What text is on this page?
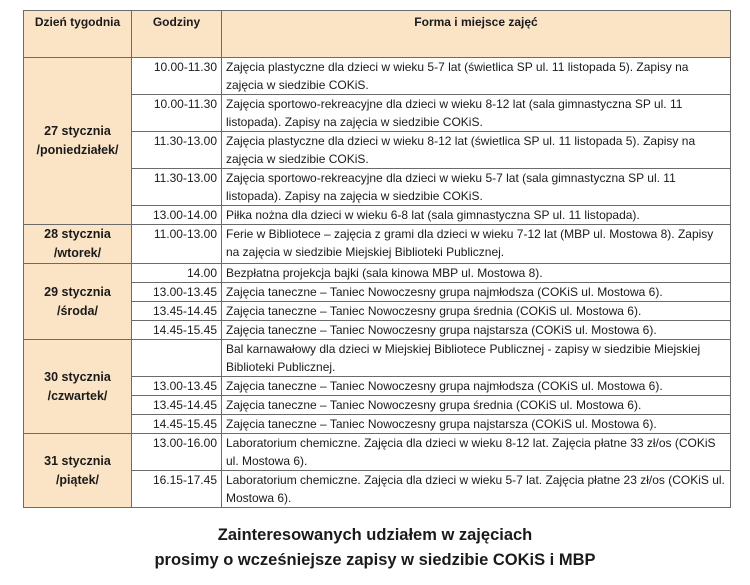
Dzień tygodnia	Godziny	Forma i miejsce zajęć

27 stycznia
/poniedziałek/	10.00-11.30	Zajęcia plastyczne dla dzieci w wieku 5-7 lat (świetlica SP ul. 11 listopada 5). Zapisy na zajęcia w siedzibie COKiS.
	10.00-11.30	Zajęcia sportowo-rekreacyjne dla dzieci w wieku 8-12 lat (sala gimnastyczna SP ul. 11 listopada). Zapisy na zajęcia w siedzibie COKiS.
	11.30-13.00	Zajęcia plastyczne dla dzieci w wieku 8-12 lat (świetlica SP ul. 11 listopada 5). Zapisy na zajęcia w siedzibie COKiS.
	11.30-13.00	Zajęcia sportowo-rekreacyjne dla dzieci w wieku 5-7 lat (sala gimnastyczna SP ul. 11 listopada). Zapisy na zajęcia w siedzibie COKiS.
	13.00-14.00	Piłka nożna dla dzieci w wieku 6-8 lat (sala gimnastyczna SP ul. 11 listopada).

28 stycznia
/wtorek/	11.00-13.00	Ferie w Bibliotece – zajęcia z grami dla dzieci w wieku 7-12 lat (MBP ul. Mostowa 8). Zapisy na zajęcia w siedzibie Miejskiej Biblioteki Publicznej.

29 stycznia
/środa/	14.00	Bezpłatna projekcja bajki (sala kinowa MBP ul. Mostowa 8).
	13.00-13.45	Zajęcia taneczne – Taniec Nowoczesny grupa najmłodsza (COKiS ul. Mostowa 6).
	13.45-14.45	Zajęcia taneczne – Taniec Nowoczesny grupa średnia (COKiS ul. Mostowa 6).
	14.45-15.45	Zajęcia taneczne – Taniec Nowoczesny grupa najstarsza (COKiS ul. Mostowa 6).

30 stycznia
/czwartek/		Bal karnawałowy dla dzieci w Miejskiej Bibliotece Publicznej - zapisy w siedzibie Miejskiej Biblioteki Publicznej.
	13.00-13.45	Zajęcia taneczne – Taniec Nowoczesny grupa najmłodsza (COKiS ul. Mostowa 6).
	13.45-14.45	Zajęcia taneczne – Taniec Nowoczesny grupa średnia (COKiS ul. Mostowa 6).
	14.45-15.45	Zajęcia taneczne – Taniec Nowoczesny grupa najstarsza (COKiS ul. Mostowa 6).

31 stycznia
/piątek/	13.00-16.00	Laboratorium chemiczne. Zajęcia dla dzieci w wieku 8-12 lat. Zajęcia płatne 33 zł/os (COKiS ul. Mostowa 6).
	16.15-17.45	Laboratorium chemiczne. Zajęcia dla dzieci w wieku 5-7 lat. Zajęcia płatne 23 zł/os (COKiS ul. Mostowa 6).
Zainteresowanych udziałem w zajęciach
prosimy o wcześniejsze zapisy w siedzibie COKiS i MBP
